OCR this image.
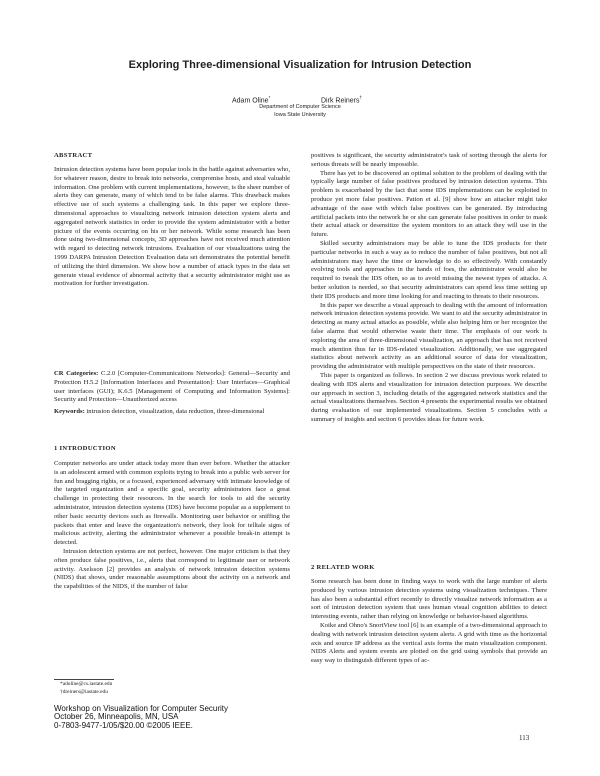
Exploring Three-dimensional Visualization for Intrusion Detection
Adam Oline*	Dirk Reiners†
Department of Computer Science
Iowa State University
ABSTRACT

Intrusion detection systems have been popular tools in the battle against adversaries who, for whatever reason, desire to break into networks, compromise hosts, and steal valuable information. One problem with current implementations, however, is the sheer number of alerts they can generate, many of which tend to be false alarms. This drawback makes effective use of such systems a challenging task. In this paper we explore three-dimensional approaches to visualizing network intrusion detection system alerts and aggregated network statistics in order to provide the system administrator with a better picture of the events occurring on his or her network. While some research has been done using two-dimensional concepts, 3D approaches have not received much attention with regard to detecting network intrusions. Evaluation of our visualizations using the 1999 DARPA Intrusion Detection Evaluation data set demonstrates the potential benefit of utilizing the third dimension. We show how a number of attack types in the data set generate visual evidence of abnormal activity that a security administrator might use as motivation for further investigation.

CR Categories: C.2.0 [Computer-Communications Networks]: General—Security and Protection H.5.2 [Information Interfaces and Presentation]: User Interfaces—Graphical user interfaces (GUI); K.6.5 [Management of Computing and Information Systems]: Security and Protection—Unauthorized access

Keywords: intrusion detection, visualization, data reduction, three-dimensional

1 INTRODUCTION

Computer networks are under attack today more than ever before. Whether the attacker is an adolescent armed with common exploits trying to break into a public web server for fun and bragging rights, or a focused, experienced adversary with intimate knowledge of the targeted organization and a specific goal, security administrators face a great challenge in protecting their resources. In the search for tools to aid the security administrator, intrusion detection systems (IDS) have become popular as a supplement to other basic security devices such as firewalls. Monitoring user behavior or sniffing the packets that enter and leave the organization's network, they look for telltale signs of malicious activity, alerting the administrator whenever a possible break-in attempt is detected.

Intrusion detection systems are not perfect, however. One major criticism is that they often produce false positives, i.e., alerts that correspond to legitimate user or network activity. Axelsson [2] provides an analysis of network intrusion detection systems (NIDS) that shows, under reasonable assumptions about the activity on a network and the capabilities of the NIDS, if the number of false

*adoline@cs.iastate.edu
†dreiners@iastate.edu
Workshop on Visualization for Computer Security
October 26, Minneapolis, MN, USA
0-7803-9477-1/05/$20.00 ©2005 IEEE.

positives is significant, the security administrator's task of sorting through the alerts for serious threats will be nearly impossible.

There has yet to be discovered an optimal solution to the problem of dealing with the typically large number of false positives produced by intrusion detection systems. This problem is exacerbated by the fact that some IDS implementations can be exploited to produce yet more false positives. Patton et al. [9] show how an attacker might take advantage of the ease with which false positives can be generated. By introducing artificial packets into the network he or she can generate false positives in order to mask their actual attack or desensitize the system monitors to an attack they will use in the future.

Skilled security administrators may be able to tune the IDS products for their particular networks in such a way as to reduce the number of false positives, but not all administrators may have the time or knowledge to do so effectively. With constantly evolving tools and approaches in the hands of foes, the administrator would also be required to tweak the IDS often, so as to avoid missing the newest types of attacks. A better solution is needed, so that security administrators can spend less time setting up their IDS products and more time looking for and reacting to threats to their resources.

In this paper we describe a visual approach to dealing with the amount of information network intrusion detection systems provide. We want to aid the security administrator in detecting as many actual attacks as possible, while also helping him or her recognize the false alarms that would otherwise waste their time. The emphasis of our work is exploring the area of three-dimensional visualization, an approach that has not received much attention thus far in IDS-related visualization. Additionally, we use aggregated statistics about network activity as an additional source of data for visualization, providing the administrator with multiple perspectives on the state of their resources.

This paper is organized as follows. In section 2 we discuss previous work related to dealing with IDS alerts and visualization for intrusion detection purposes. We describe our approach in section 3, including details of the aggregated network statistics and the actual visualizations themselves. Section 4 presents the experimental results we obtained during evaluation of our implemented visualizations. Section 5 concludes with a summary of insights and section 6 provides ideas for future work.

2 RELATED WORK

Some research has been done in finding ways to work with the large number of alerts produced by various intrusion detection systems using visualization techniques. There has also been a substantial effort recently to directly visualize network information as a sort of intrusion detection system that uses human visual cognition abilities to detect interesting events, rather than relying on knowledge or behavior-based algorithms.

Koike and Ohno's SnortView tool [6] is an example of a two-dimensional approach to dealing with network intrusion detection system alerts. A grid with time as the horizontal axis and source IP address as the vertical axis forms the main visualization component. NIDS Alerts and system events are plotted on the grid using symbols that provide an easy way to distinguish different types of ac-

113
